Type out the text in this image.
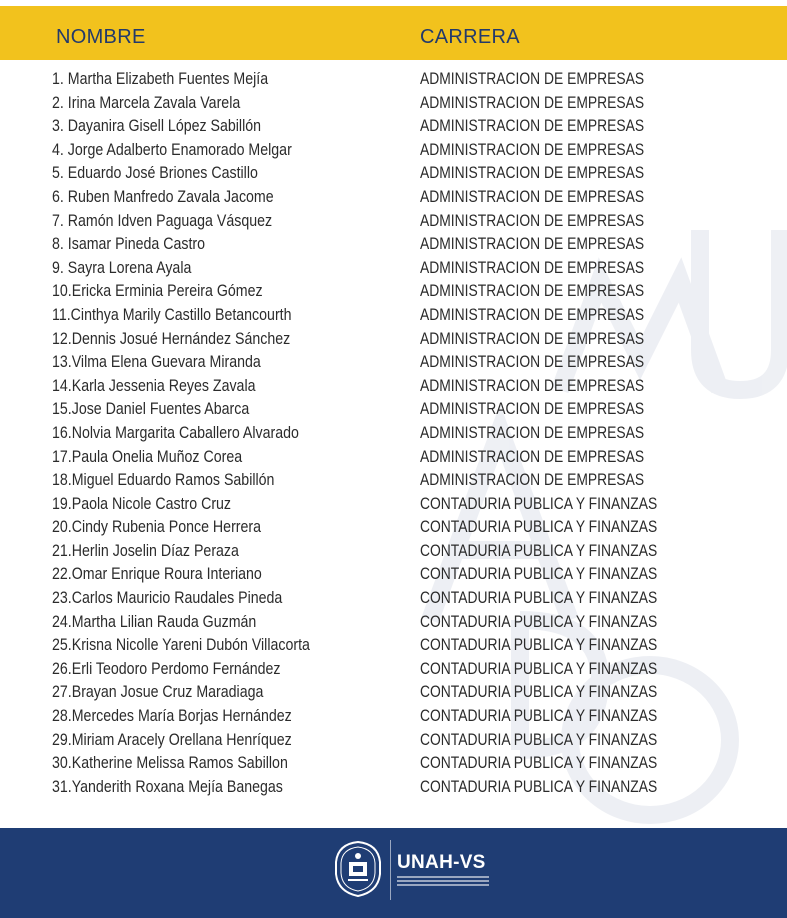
NOMBRE	CARRERA
1. Martha Elizabeth Fuentes Mejía	ADMINISTRACION DE EMPRESAS
2. Irina Marcela Zavala Varela	ADMINISTRACION DE EMPRESAS
3. Dayanira Gisell López Sabillón	ADMINISTRACION DE EMPRESAS
4. Jorge Adalberto Enamorado Melgar	ADMINISTRACION DE EMPRESAS
5. Eduardo José Briones Castillo	ADMINISTRACION DE EMPRESAS
6. Ruben Manfredo Zavala Jacome	ADMINISTRACION DE EMPRESAS
7. Ramón Idven Paguaga Vásquez	ADMINISTRACION DE EMPRESAS
8. Isamar Pineda Castro	ADMINISTRACION DE EMPRESAS
9. Sayra Lorena Ayala	ADMINISTRACION DE EMPRESAS
10.Ericka Erminia Pereira Gómez	ADMINISTRACION DE EMPRESAS
11.Cinthya Marily Castillo Betancourth	ADMINISTRACION DE EMPRESAS
12.Dennis Josué Hernández Sánchez	ADMINISTRACION DE EMPRESAS
13.Vilma Elena Guevara Miranda	ADMINISTRACION DE EMPRESAS
14.Karla Jessenia Reyes Zavala	ADMINISTRACION DE EMPRESAS
15.Jose Daniel Fuentes Abarca	ADMINISTRACION DE EMPRESAS
16.Nolvia Margarita Caballero Alvarado	ADMINISTRACION DE EMPRESAS
17.Paula Onelia Muñoz Corea	ADMINISTRACION DE EMPRESAS
18.Miguel Eduardo Ramos Sabillón	ADMINISTRACION DE EMPRESAS
19.Paola Nicole Castro Cruz	CONTADURIA PUBLICA Y FINANZAS
20.Cindy Rubenia Ponce Herrera	CONTADURIA PUBLICA Y FINANZAS
21.Herlin Joselin Díaz Peraza	CONTADURIA PUBLICA Y FINANZAS
22.Omar Enrique Roura Interiano	CONTADURIA PUBLICA Y FINANZAS
23.Carlos Mauricio Raudales Pineda	CONTADURIA PUBLICA Y FINANZAS
24.Martha Lilian Rauda Guzmán	CONTADURIA PUBLICA Y FINANZAS
25.Krisna Nicolle Yareni Dubón Villacorta	CONTADURIA PUBLICA Y FINANZAS
26.Erli Teodoro Perdomo Fernández	CONTADURIA PUBLICA Y FINANZAS
27.Brayan Josue Cruz Maradiaga	CONTADURIA PUBLICA Y FINANZAS
28.Mercedes María Borjas Hernández	CONTADURIA PUBLICA Y FINANZAS
29.Miriam Aracely Orellana Henríquez	CONTADURIA PUBLICA Y FINANZAS
30.Katherine Melissa Ramos Sabillon	CONTADURIA PUBLICA Y FINANZAS
31.Yanderith Roxana Mejía Banegas	CONTADURIA PUBLICA Y FINANZAS
UNAH-VS
